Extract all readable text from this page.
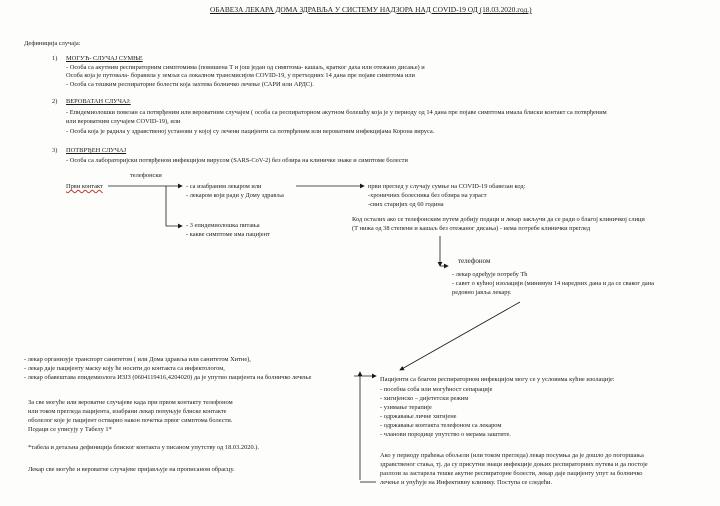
ОБАВЕЗА ЛЕКАРА ДОМА ЗДРАВЉА У СИСТЕМУ НАДЗОРА НАД COVID-19 ОД (18.03.2020.год.)
Дефиниција случаја:
1) МОГУЋ- СЛУЧАЈ СУМЊЕ
- Особа са акутним респираторним симптомима (повишена Т и још један од симптома- кашаљ, кратког даха или отежано дисање) и
Особа која је путовала- боравила у земљи са локалном трансмисијом COVID-19, у претходних 14 дана пре појаве симптома или
- Особа са тешким респираторне болести која захтева болничко лечење (САРИ или АРДС).
2) ВЕРОВАТАН СЛУЧАЈ:
- Епидемиолошки повезан са потврђеним или вероватним случајем ( особа са респираторном акутном болешћу која је у периоду од 14 дана пре појаве симптома имала блиски контакт са потврђеним
или вероватним случајем COVID-19), или
- Особа која је радила у здравственој установи у којој су лечени пацијенти са потврђеним или вероватним инфекцијама Корона вируса.
3) ПОТВРЂЕН СЛУЧАЈ
- Особа са лабораторијски потврђеном инфекцијом вирусом (SARS-CoV-2) без обзира на клиничке знаке и симптоме болести
телефонски
Први контакт	- са изабраним лекаром или
- лекаром који ради у Дому здравља
- 3 епидемиолошка питања
- какве симптоме има пацијент
први преглед у случају сумње на COVID-19 обавезан код:
-хроничних болесника без обзира на узраст
-свих старијих од 60 година
Код осталих ако се телефонским путем добију подаци и лекар закључи да се ради о благој клиничкој слици
(Т нижа од 38 степени и кашаљ без отежаног дисања) - нема потребе клинички преглед
телефоном
- лекар одређује потребу Th
- савет о кућној изолацији (минимум 14 наредних дана и да се сваког дана
редовно јавља лекару.
- лекар организује транспорт санитетом ( или Дома здравља или санитетом Хитне),
- лекар даје пацијенту маску коју ће носити до контакта са инфектологом,
- лекар обавештава епидемиолога ИЗЈЗ (0604119416,4204020) да је упутио пацијента на болничко лечење	Пацијенти са благом респираторном инфекцијом могу се у условима кућне изолације:
- посебна соба или могућност сепарације
- хигијенско – дијететски режим
- узимање терапије
- одржавање личне хигијене
- одржавање контакта телефоном са лекаром
- чланови породице упутство о мерама заштите.
За све могуће или вероватне случајеве када при првом контакту телефоном
или током прегледа пацијента, изабрани лекар попуњује блиске контакте
оболелог које је пацијент остварио након почетка првог симптома болести.
Подаци се уписују у Табелу 1*
*табела и детаљна дефиниција блиског контакта у писаном упутству од 18.03.2020.).
Лекар све могуће и вероватне случајеве пријављује на прописаном обрасцу.
Ако у периоду праћења обољели (или током прегледа) лекар посумња да је дошло до погоршања
здравственог стања, тј. да су присутни знаци инфекције доњих респираторних путева и да постоје
разлози за застарела тешке акутне респираторне болести, лекар даје пацијенту упут за болничко
лечење и упућује на Инфективну клинику. Поступа се следећи.
